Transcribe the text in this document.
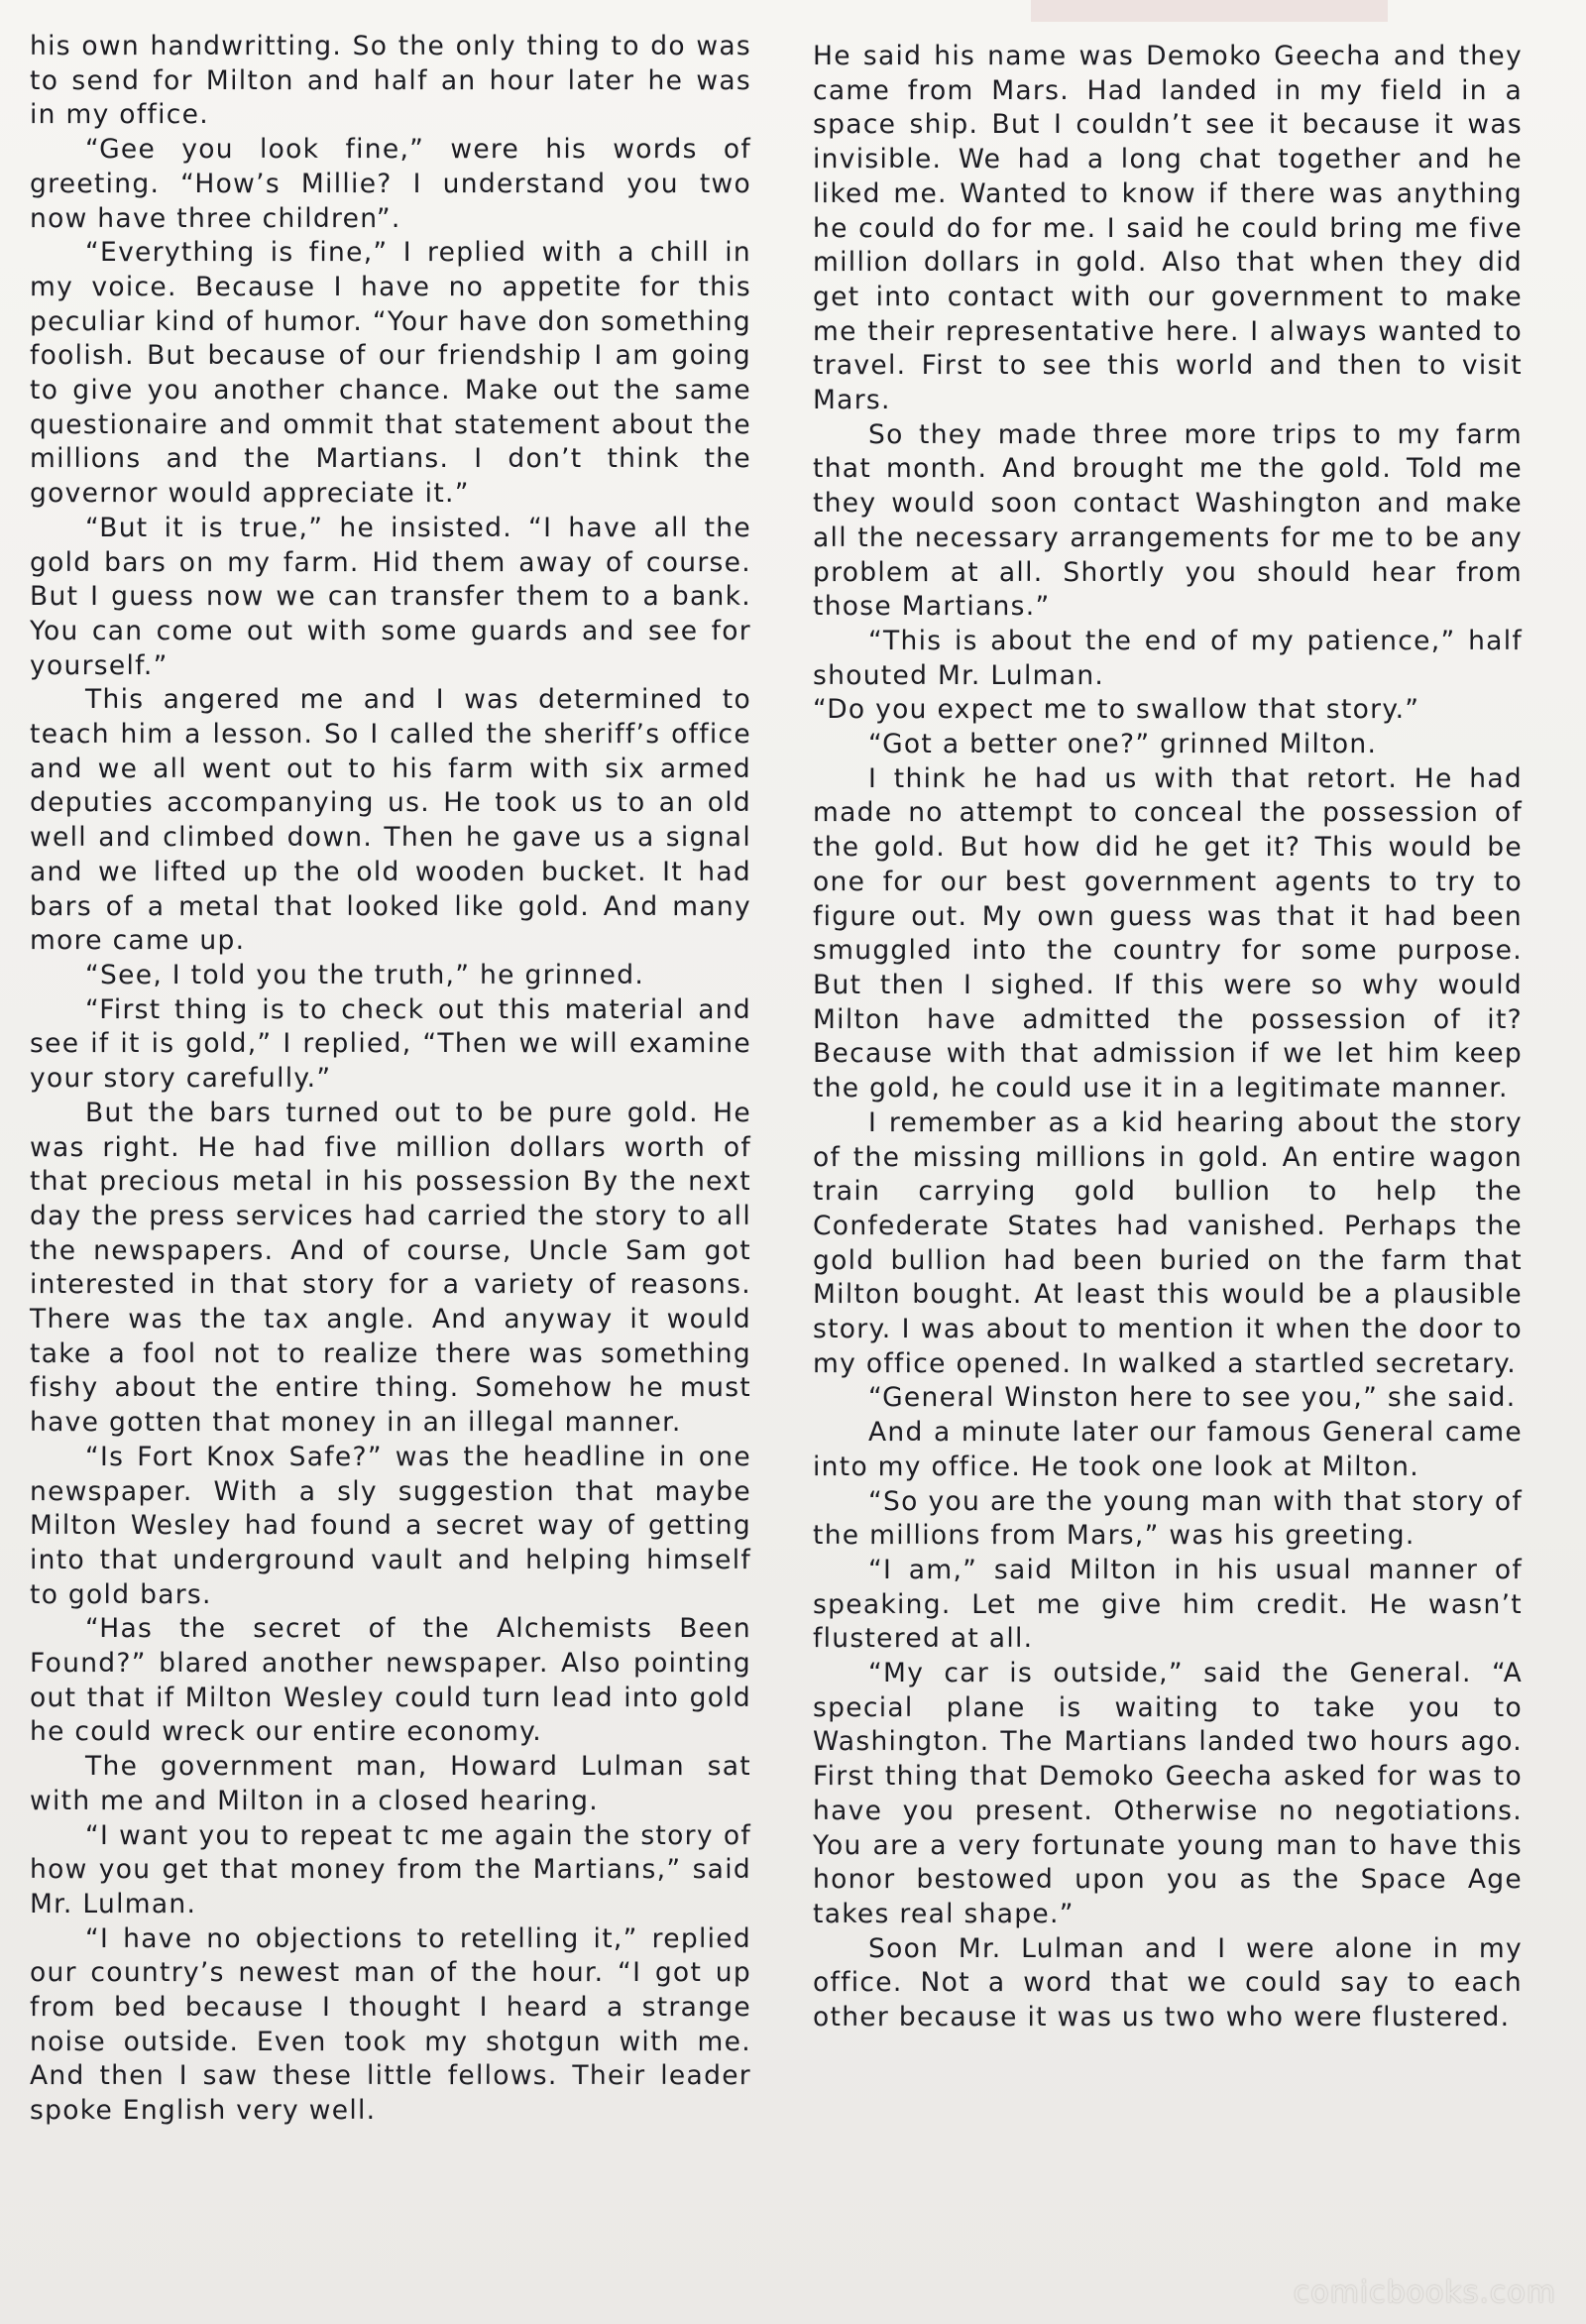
his own handwritting. So the only thing to do was to send for Milton and half an hour later he was in my office.

“Gee you look fine,” were his words of greeting. “How’s Millie? I understand you two now have three children”.

“Everything is fine,” I replied with a chill in my voice. Because I have no appetite for this peculiar kind of humor. “Your have don something foolish. But because of our friendship I am going to give you another chance. Make out the same questionaire and ommit that statement about the millions and the Martians. I don’t think the governor would appreciate it.”

“But it is true,” he insisted. “I have all the gold bars on my farm. Hid them away of course. But I guess now we can transfer them to a bank. You can come out with some guards and see for yourself.”

This angered me and I was determined to teach him a lesson. So I called the sheriff’s office and we all went out to his farm with six armed deputies accompanying us. He took us to an old well and climbed down. Then he gave us a signal and we lifted up the old wooden bucket. It had bars of a metal that looked like gold. And many more came up.

“See, I told you the truth,” he grinned.

“First thing is to check out this material and see if it is gold,” I replied, “Then we will examine your story carefully.”

But the bars turned out to be pure gold. He was right. He had five million dollars worth of that precious metal in his possession By the next day the press services had carried the story to all the newspapers. And of course, Uncle Sam got interested in that story for a variety of reasons. There was the tax angle. And anyway it would take a fool not to realize there was something fishy about the entire thing. Somehow he must have gotten that money in an illegal manner.

“Is Fort Knox Safe?” was the headline in one newspaper. With a sly suggestion that maybe Milton Wesley had found a secret way of getting into that underground vault and helping himself to gold bars.

“Has the secret of the Alchemists Been Found?” blared another newspaper. Also pointing out that if Milton Wesley could turn lead into gold he could wreck our entire economy.

The government man, Howard Lulman sat with me and Milton in a closed hearing.

“I want you to repeat tc me again the story of how you get that money from the Martians,” said Mr. Lulman.

“I have no objections to retelling it,” replied our country’s newest man of the hour. “I got up from bed because I thought I heard a strange noise outside. Even took my shotgun with me. And then I saw these little fellows. Their leader spoke English very well.

He said his name was Demoko Geecha and they came from Mars. Had landed in my field in a space ship. But I couldn’t see it because it was invisible. We had a long chat together and he liked me. Wanted to know if there was anything he could do for me. I said he could bring me five million dollars in gold. Also that when they did get into contact with our government to make me their representative here. I always wanted to travel. First to see this world and then to visit Mars.

So they made three more trips to my farm that month. And brought me the gold. Told me they would soon contact Washington and make all the necessary arrangements for me to be any problem at all. Shortly you should hear from those Martians.”

“This is about the end of my patience,” half shouted Mr. Lulman.

“Do you expect me to swallow that story.”

“Got a better one?” grinned Milton.

I think he had us with that retort. He had made no attempt to conceal the possession of the gold. But how did he get it? This would be one for our best government agents to try to figure out. My own guess was that it had been smuggled into the country for some purpose. But then I sighed. If this were so why would Milton have admitted the possession of it? Because with that admission if we let him keep the gold, he could use it in a legitimate manner.

I remember as a kid hearing about the story of the missing millions in gold. An entire wagon train carrying gold bullion to help the Confederate States had vanished. Perhaps the gold bullion had been buried on the farm that Milton bought. At least this would be a plausible story. I was about to mention it when the door to my office opened. In walked a startled secretary.

“General Winston here to see you,” she said.

And a minute later our famous General came into my office. He took one look at Milton.

“So you are the young man with that story of the millions from Mars,” was his greeting.

“I am,” said Milton in his usual manner of speaking. Let me give him credit. He wasn’t flustered at all.

“My car is outside,” said the General. “A special plane is waiting to take you to Washington. The Martians landed two hours ago. First thing that Demoko Geecha asked for was to have you present. Otherwise no negotiations. You are a very fortunate young man to have this honor bestowed upon you as the Space Age takes real shape.”

Soon Mr. Lulman and I were alone in my office. Not a word that we could say to each other because it was us two who were flustered.

comicbooks.com
